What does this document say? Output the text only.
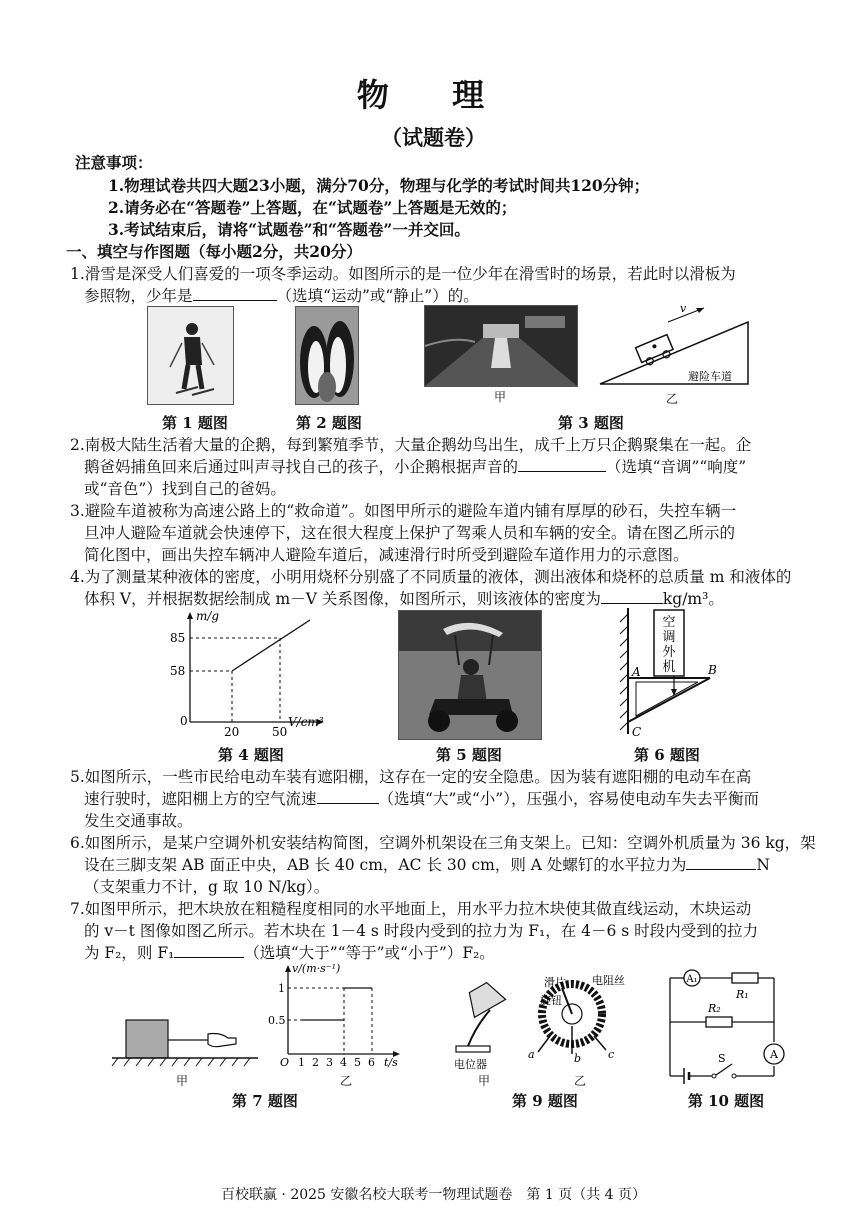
物 理
（试题卷）
注意事项：
1.物理试卷共四大题23小题，满分70分，物理与化学的考试时间共120分钟；
2.请务必在“答题卷”上答题，在“试题卷”上答题是无效的；
3.考试结束后，请将“试题卷”和“答题卷”一并交回。
一、填空与作图题（每小题2分，共20分）
1.滑雪是深受人们喜爱的一项冬季运动。如图所示的是一位少年在滑雪时的场景，若此时以滑板为
参照物，少年是	（选填“运动”或“静止”）的。
甲
v
避险车道
乙
第 1 题图	第 2 题图	第 3 题图
2.南极大陆生活着大量的企鹅，每到繁殖季节，大量企鹅幼鸟出生，成千上万只企鹅聚集在一起。企
鹅爸妈捕鱼回来后通过叫声寻找自己的孩子，小企鹅根据声音的	（选填“音调”“响度”
或“音色”）找到自己的爸妈。
3.避险车道被称为高速公路上的“救命道”。如图甲所示的避险车道内铺有厚厚的砂石，失控车辆一
旦冲人避险车道就会快速停下，这在很大程度上保护了驾乘人员和车辆的安全。请在图乙所示的
简化图中，画出失控车辆冲人避险车道后，减速滑行时所受到避险车道作用力的示意图。
4.为了测量某种液体的密度，小明用烧杯分别盛了不同质量的液体，测出液体和烧杯的总质量 m 和液体的
体积 V，并根据数据绘制成 m－V 关系图像，如图所示，则该液体的密度为	kg/m³。
m/g
85
58
0
20	50
V/cm³
空
调
外
机
A	B
C
第 4 题图	第 5 题图	第 6 题图
5.如图所示，一些市民给电动车装有遮阳棚，这存在一定的安全隐患。因为装有遮阳棚的电动车在高
速行驶时，遮阳棚上方的空气流速	（选填“大”或“小”），压强小，容易使电动车失去平衡而
发生交通事故。
6.如图所示，是某户空调外机安装结构简图，空调外机架设在三角支架上。已知：空调外机质量为 36 kg，架
设在三脚支架 AB 面正中央，AB 长 40 cm，AC 长 30 cm，则 A 处螺钉的水平拉力为	N
（支架重力不计，g 取 10 N/kg）。
7.如图甲所示，把木块放在粗糙程度相同的水平地面上，用水平力拉木块使其做直线运动，木块运动
的 v－t 图像如图乙所示。若木块在 1－4 s 时段内受到的拉力为 F₁，在 4－6 s 时段内受到的拉力
为 F₂，则 F₁	（选填“大于”“等于”或“小于”）F₂。
甲
v/(m·s⁻¹)
1
0.5
O 1 2 3 4 5 6 t/s
乙
电位器
甲
滑片
旋钮
电阻丝
a	b c
乙
A₁
R₁
R₂
A
S
第 7 题图	第 9 题图	第 10 题图
百校联赢 · 2025 安徽名校大联考一物理试题卷　第 1 页（共 4 页）
